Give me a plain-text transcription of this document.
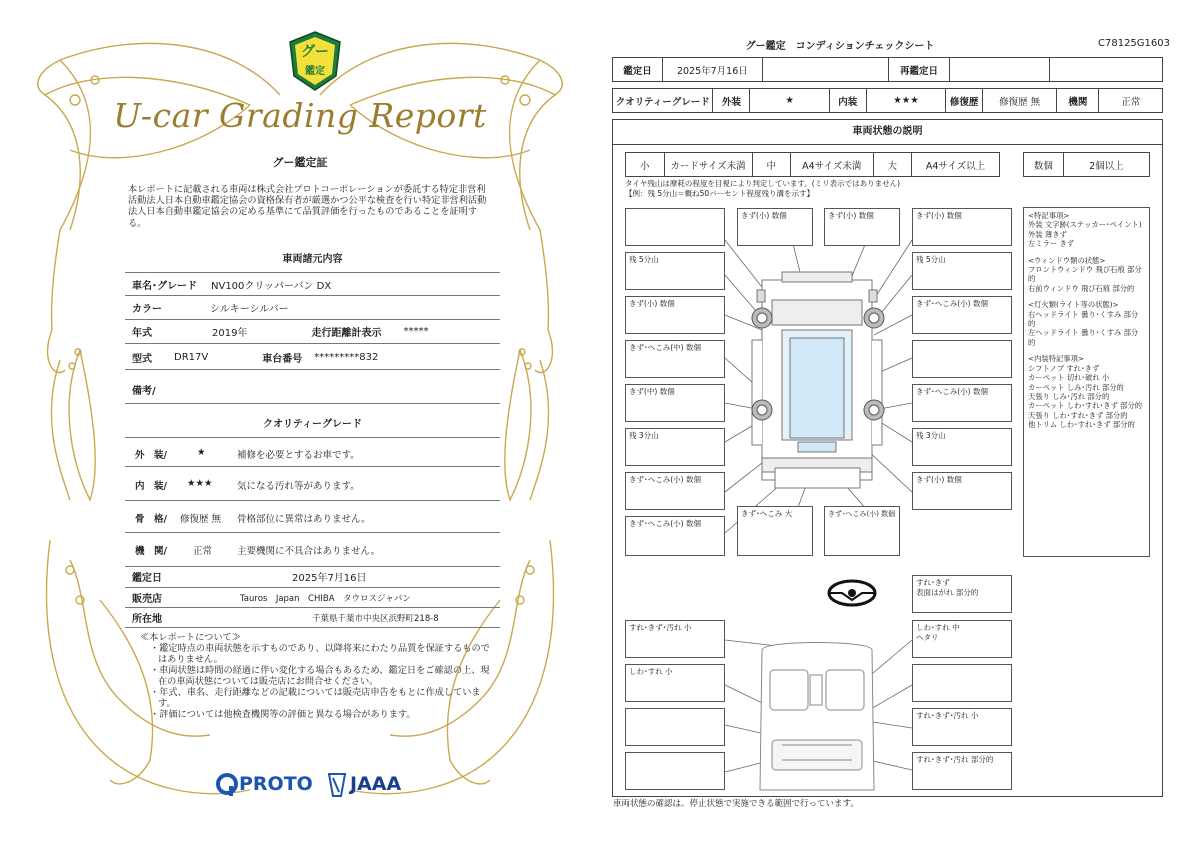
グー
鑑定
U-car Grading Report
グー鑑定証
本レポートに記載される車両は株式会社プロトコーポレーションが委託する特定非営利活動法人日本自動車鑑定協会の資格保有者が厳選かつ公平な検査を行い特定非営利活動法人日本自動車鑑定協会の定める基準にて品質評価を行ったものであることを証明する。
車両諸元内容
車名･グレード NV100クリッパーバン DX
カラー	シルキーシルバー
年式	2019年	走行距離計表示 *****
型式 DR17V	車台番号 *********832
備考/
クオリティーグレード
外　装/	★	補修を必要とするお車です。
内　装/ ★★★	気になる汚れ等があります。
骨　格/ 修復歴 無 骨格部位に異常はありません。
機　関/	正常	主要機関に不具合はありません。
鑑定日	2025年7月16日
販売店	Tauros　Japan　CHIBA　タウロスジャパン
所在地	千葉県千葉市中央区浜野町218-8
≪本レポートについて≫
・鑑定時点の車両状態を示すものであり、以降将来にわたり品質を保証するものではありません。
・車両状態は時間の経過に伴い変化する場合もあるため、鑑定日をご確認の上、現在の車両状態については販売店にお問合せください。
・年式、車名、走行距離などの記載については販売店申告をもとに作成しています。
・評価については他検査機関等の評価と異なる場合があります。
PROTO JAAA
グー鑑定　コンディションチェックシート	C78125G1603
鑑定日	2025年7月16日		再鑑定日		
クオリティーグレード	外装	★	内装	★★★	修復歴	修復歴 無	機関	正常
車両状態の説明
小	カードサイズ未満	中	A4サイズ未満	大	A4サイズ以上	数個	2個以上
タイヤ残山は摩耗の程度を目視により判定しています。(ミリ表示ではありません)
【例：残 5分山＝概ね50パーセント程度残り溝を示す】
きず(小) 数個	きず(小) 数個	きず(小) 数個
残 5分山	残 5分山
きず(小) 数個	きず･へこみ(小) 数個
きず･へこみ(中) 数個
きず(中) 数個	きず･へこみ(小) 数個
残 3分山	残 3分山
きず･へこみ(小) 数個	きず(小) 数個
きず･へこみ(小) 数個
きず･へこみ 大	きず･へこみ(小) 数個
すれ･きず
表面はがれ 部分的
すれ･きず･汚れ 小	しわ･すれ 中
ヘタリ
しわ･すれ 小
すれ･きず･汚れ 小
すれ･きず･汚れ 部分的
<特記事項>
外装 文字跡(ステッカー･ペイント)
外装 薄きず
左ミラー きず
<ウィンドウ類の状態>
フロントウィンドウ 飛び石痕 部分的
右前ウィンドウ 飛び石痕 部分的
<灯火類(ライト等の状態)>
右ヘッドライト 曇り･くすみ 部分的
左ヘッドライト 曇り･くすみ 部分的
<内装特記事項>
シフトノブ すれ･きず
カーペット 切れ･破れ 小
カーペット しみ･汚れ 部分的
天張り しみ･汚れ 部分的
カーペット しわ･すれ･きず 部分的
天張り しわ･すれ･きず 部分的
他トリム しわ･すれ･きず 部分的
車両状態の確認は、停止状態で実施できる範囲で行っています。
